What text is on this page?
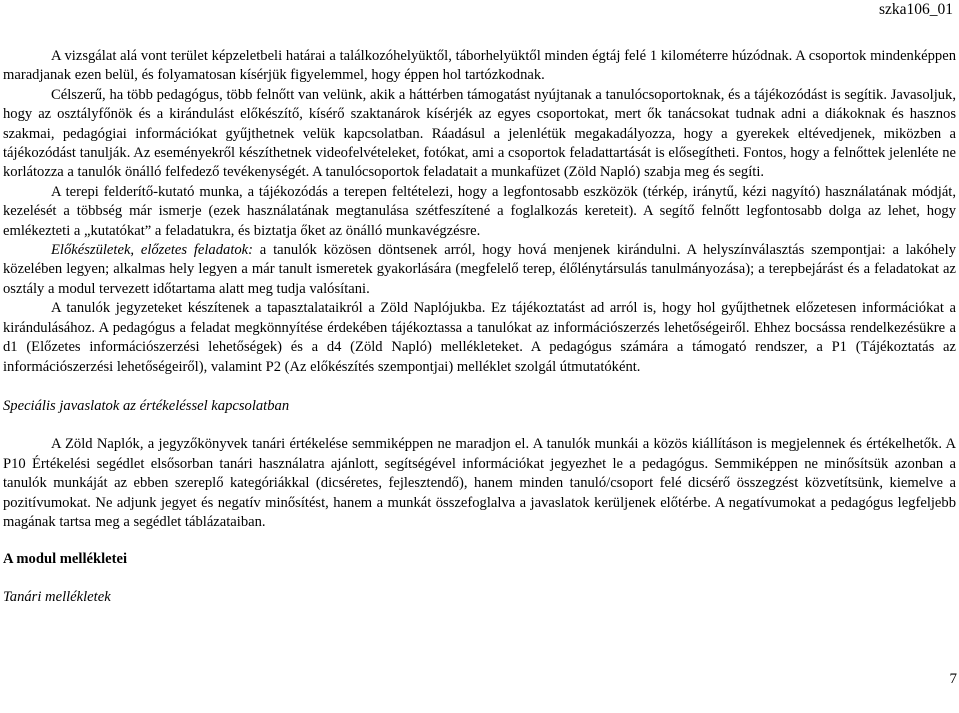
szka106_01

A vizsgálat alá vont terület képzeletbeli határai a találkozóhelyüktől, táborhelyüktől minden égtáj felé 1 kilométerre húzódnak. A csoportok mindenképpen maradjanak ezen belül, és folyamatosan kísérjük figyelemmel, hogy éppen hol tartózkodnak.

Célszerű, ha több pedagógus, több felnőtt van velünk, akik a háttérben támogatást nyújtanak a tanulócsoportoknak, és a tájékozódást is segítik. Javasoljuk, hogy az osztályfőnök és a kirándulást előkészítő, kísérő szaktanárok kísérjék az egyes csoportokat, mert ők tanácsokat tudnak adni a diákoknak és hasznos szakmai, pedagógiai információkat gyűjthetnek velük kapcsolatban. Ráadásul a jelenlétük megakadályozza, hogy a gyerekek eltévedjenek, miközben a tájékozódást tanulják. Az eseményekről készíthetnek videofelvételeket, fotókat, ami a csoportok feladattartását is elősegítheti. Fontos, hogy a felnőttek jelenléte ne korlátozza a tanulók önálló felfedező tevékenységét. A tanulócsoportok feladatait a munkafüzet (Zöld Napló) szabja meg és segíti.

A terepi felderítő-kutató munka, a tájékozódás a terepen feltételezi, hogy a legfontosabb eszközök (térkép, iránytű, kézi nagyító) használatának módját, kezelését a többség már ismerje (ezek használatának megtanulása szétfeszítené a foglalkozás kereteit). A segítő felnőtt legfontosabb dolga az lehet, hogy emlékezteti a „kutatókat” a feladatukra, és biztatja őket az önálló munkavégzésre.

Előkészületek, előzetes feladatok: a tanulók közösen döntsenek arról, hogy hová menjenek kirándulni. A helyszínválasztás szempontjai: a lakóhely közelében legyen; alkalmas hely legyen a már tanult ismeretek gyakorlására (megfelelő terep, élőlénytársulás tanulmányozása); a terepbejárást és a feladatokat az osztály a modul tervezett időtartama alatt meg tudja valósítani.

A tanulók jegyzeteket készítenek a tapasztalataikról a Zöld Naplójukba. Ez tájékoztatást ad arról is, hogy hol gyűjthetnek előzetesen információkat a kirándulásához. A pedagógus a feladat megkönnyítése érdekében tájékoztassa a tanulókat az információszerzés lehetőségeiről. Ehhez bocsássa rendelkezésükre a d1 (Előzetes információszerzési lehetőségek) és a d4 (Zöld Napló) mellékleteket. A pedagógus számára a támogató rendszer, a P1 (Tájékoztatás az információszerzési lehetőségeiről), valamint P2 (Az előkészítés szempontjai) melléklet szolgál útmutatóként.

Speciális javaslatok az értékeléssel kapcsolatban

A Zöld Naplók, a jegyzőkönyvek tanári értékelése semmiképpen ne maradjon el. A tanulók munkái a közös kiállításon is megjelennek és értékelhetők. A P10 Értékelési segédlet elsősorban tanári használatra ajánlott, segítségével információkat jegyezhet le a pedagógus. Semmiképpen ne minősítsük azonban a tanulók munkáját az ebben szereplő kategóriákkal (dicséretes, fejlesztendő), hanem minden tanuló/csoport felé dicsérő összegzést közvetítsünk, kiemelve a pozitívumokat. Ne adjunk jegyet és negatív minősítést, hanem a munkát összefoglalva a javaslatok kerüljenek előtérbe. A negatívumokat a pedagógus legfeljebb magának tartsa meg a segédlet táblázataiban.

A modul mellékletei
Tanári mellékletek
7
